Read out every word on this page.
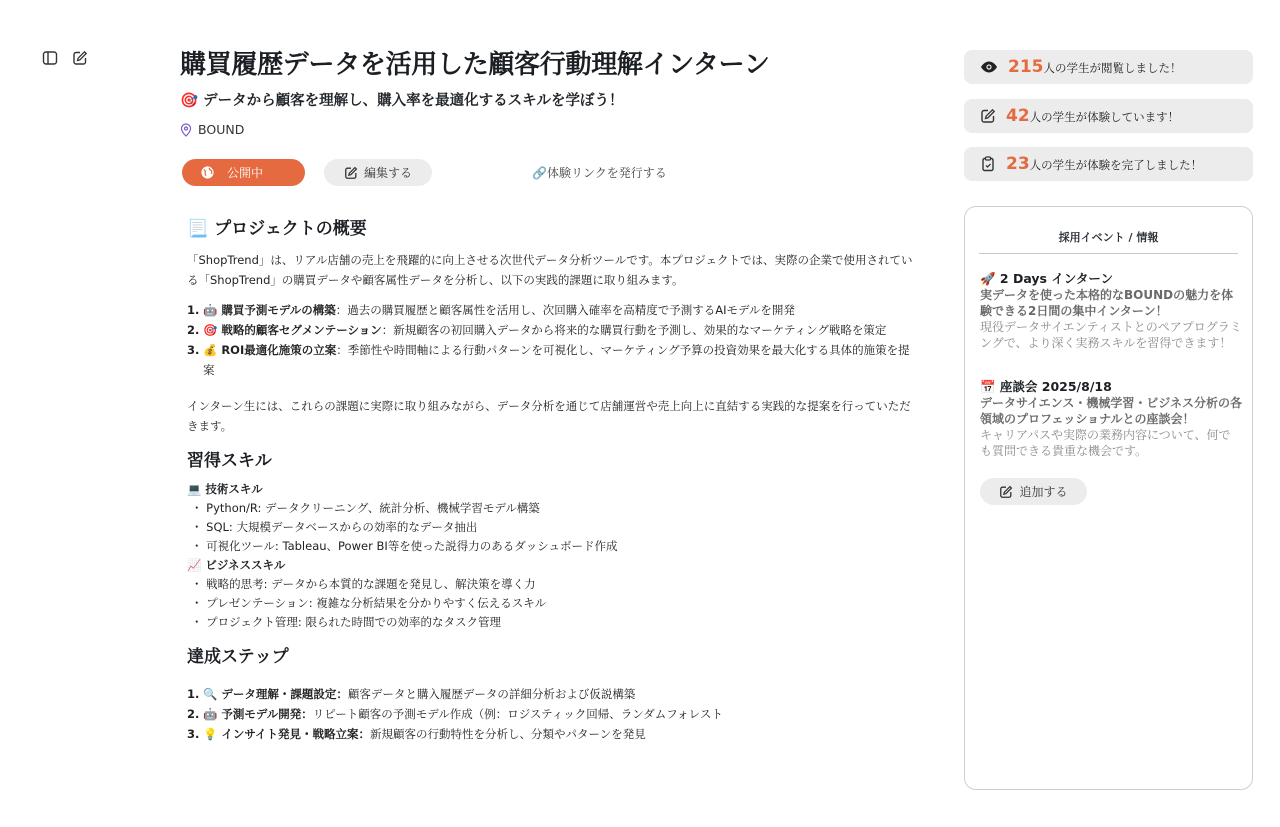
購買履歴データを活用した顧客行動理解インターン
🎯 データから顧客を理解し、購入率を最適化するスキルを学ぼう！
BOUND
公開中	編集する	🔗体験リンクを発行する
📃 プロジェクトの概要
「ShopTrend」は、リアル店舗の売上を飛躍的に向上させる次世代データ分析ツールです。本プロジェクトでは、実際の企業で使用されている「ShopTrend」の購買データや顧客属性データを分析し、以下の実践的課題に取り組みます。
1. 🤖 購買予測モデルの構築：過去の購買履歴と顧客属性を活用し、次回購入確率を高精度で予測するAIモデルを開発
2. 🎯 戦略的顧客セグメンテーション：新規顧客の初回購入データから将来的な購買行動を予測し、効果的なマーケティング戦略を策定
3. 💰 ROI最適化施策の立案：季節性や時間軸による行動パターンを可視化し、マーケティング予算の投資効果を最大化する具体的施策を提案
インターン生には、これらの課題に実際に取り組みながら、データ分析を通じて店舗運営や売上向上に直結する実践的な提案を行っていただきます。
習得スキル
💻 技術スキル
・ Python/R: データクリーニング、統計分析、機械学習モデル構築
・ SQL: 大規模データベースからの効率的なデータ抽出
・ 可視化ツール: Tableau、Power BI等を使った説得力のあるダッシュボード作成
📈 ビジネススキル
・ 戦略的思考: データから本質的な課題を発見し、解決策を導く力
・ プレゼンテーション: 複雑な分析結果を分かりやすく伝えるスキル
・ プロジェクト管理: 限られた時間での効率的なタスク管理
達成ステップ
1. 🔍 データ理解・課題設定：顧客データと購入履歴データの詳細分析および仮説構築
2. 🤖 予測モデル開発：リピート顧客の予測モデル作成（例：ロジスティック回帰、ランダムフォレスト
3. 💡 インサイト発見・戦略立案：新規顧客の行動特性を分析し、分類やパターンを発見
215 人の学生が閲覧しました！
42 人の学生が体験しています！
23 人の学生が体験を完了しました！
採用イベント / 情報
🚀 2 Days インターン
実データを使った本格的なBOUNDの魅力を体験できる2日間の集中インターン！
現役データサイエンティストとのペアプログラミングで、より深く実務スキルを習得できます！
📅 座談会 2025/8/18
データサイエンス・機械学習・ビジネス分析の各領域のプロフェッショナルとの座談会！
キャリアパスや実際の業務内容について、何でも質問できる貴重な機会です。
追加する
